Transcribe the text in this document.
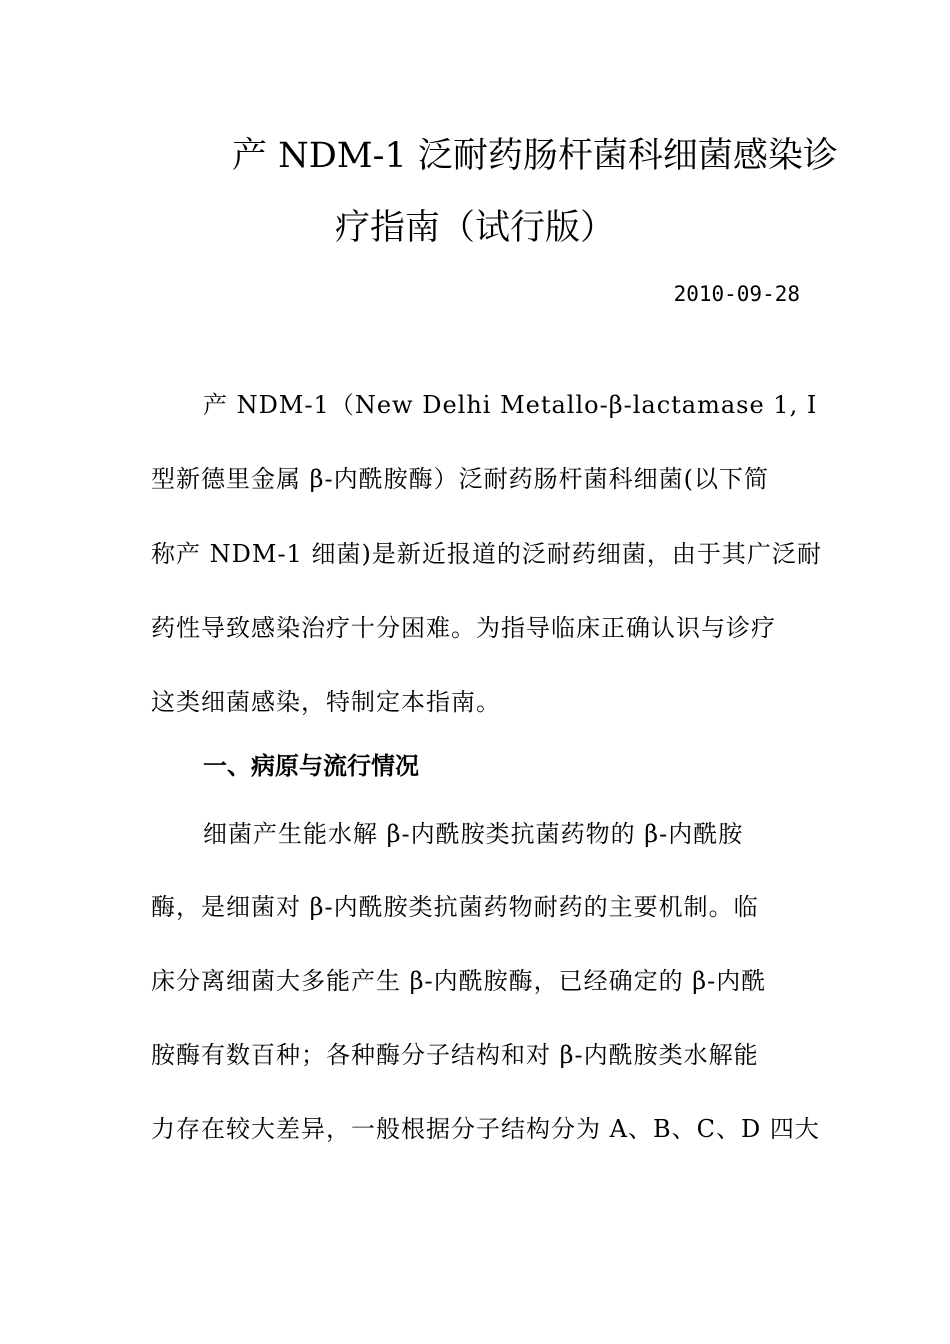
产 NDM-1 泛耐药肠杆菌科细菌感染诊
疗指南（试行版）
2010-09-28
产 NDM-1（New Delhi Metallo-β-lactamase 1, I
型新德里金属 β-内酰胺酶）泛耐药肠杆菌科细菌(以下简
称产 NDM-1 细菌)是新近报道的泛耐药细菌，由于其广泛耐
药性导致感染治疗十分困难。为指导临床正确认识与诊疗
这类细菌感染，特制定本指南。
一、病原与流行情况
细菌产生能水解 β-内酰胺类抗菌药物的 β-内酰胺
酶，是细菌对 β-内酰胺类抗菌药物耐药的主要机制。临
床分离细菌大多能产生 β-内酰胺酶，已经确定的 β-内酰
胺酶有数百种；各种酶分子结构和对 β-内酰胺类水解能
力存在较大差异，一般根据分子结构分为 A、B、C、D 四大
